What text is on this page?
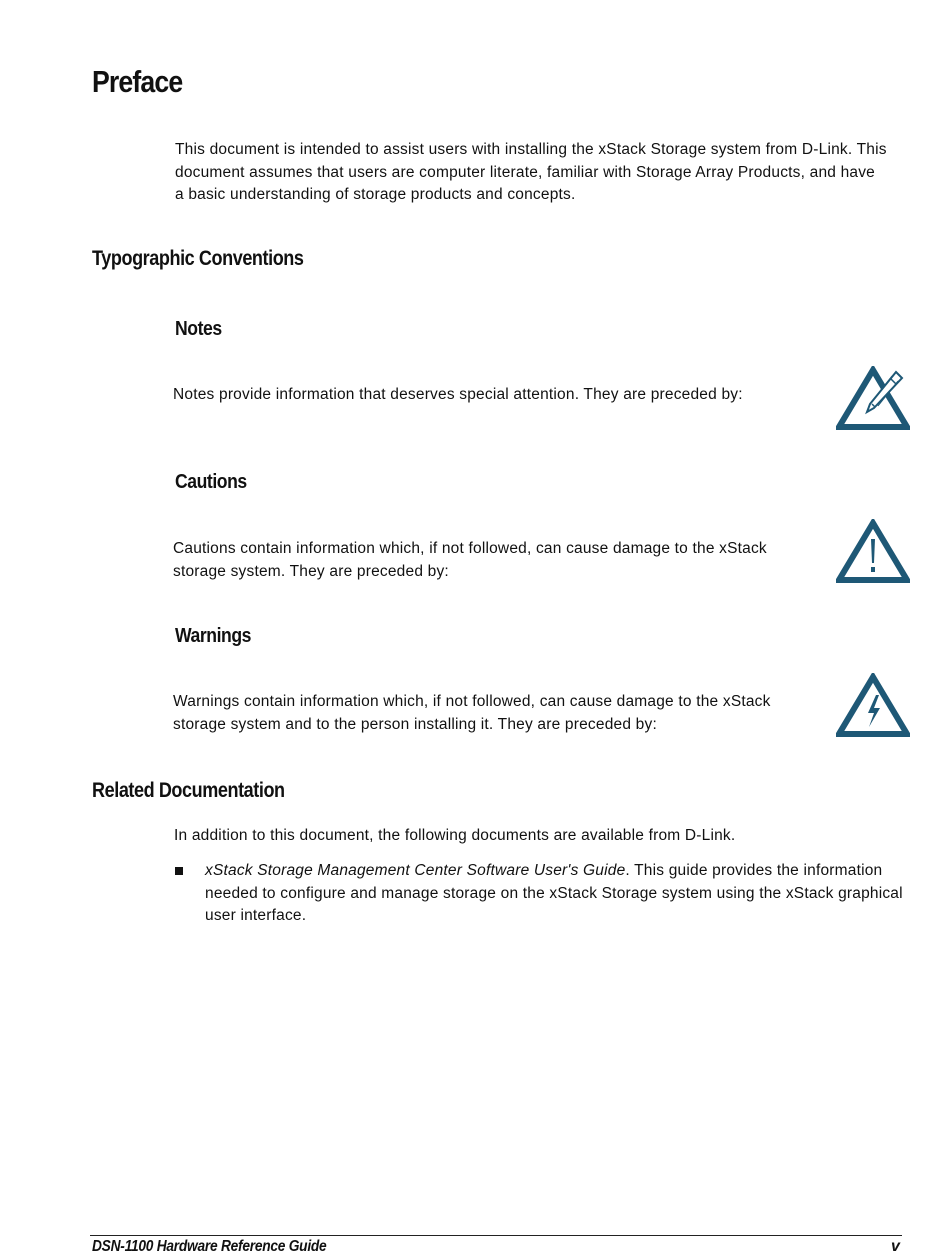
Preface

This document is intended to assist users with installing the xStack Storage system from D-Link. This document assumes that users are computer literate, familiar with Storage Array Products, and have a basic understanding of storage products and concepts.

Typographic Conventions
Notes

Notes provide information that deserves special attention. They are preceded by:

Cautions

Cautions contain information which, if not followed, can cause damage to the xStack storage system. They are preceded by:

Warnings

Warnings contain information which, if not followed, can cause damage to the xStack storage system and to the person installing it. They are preceded by:

Related Documentation

In addition to this document, the following documents are available from D-Link.

xStack Storage Management Center Software User's Guide. This guide provides the information needed to configure and manage storage on the xStack Storage system using the xStack graphical user interface.

DSN-1100 Hardware Reference Guide	v
